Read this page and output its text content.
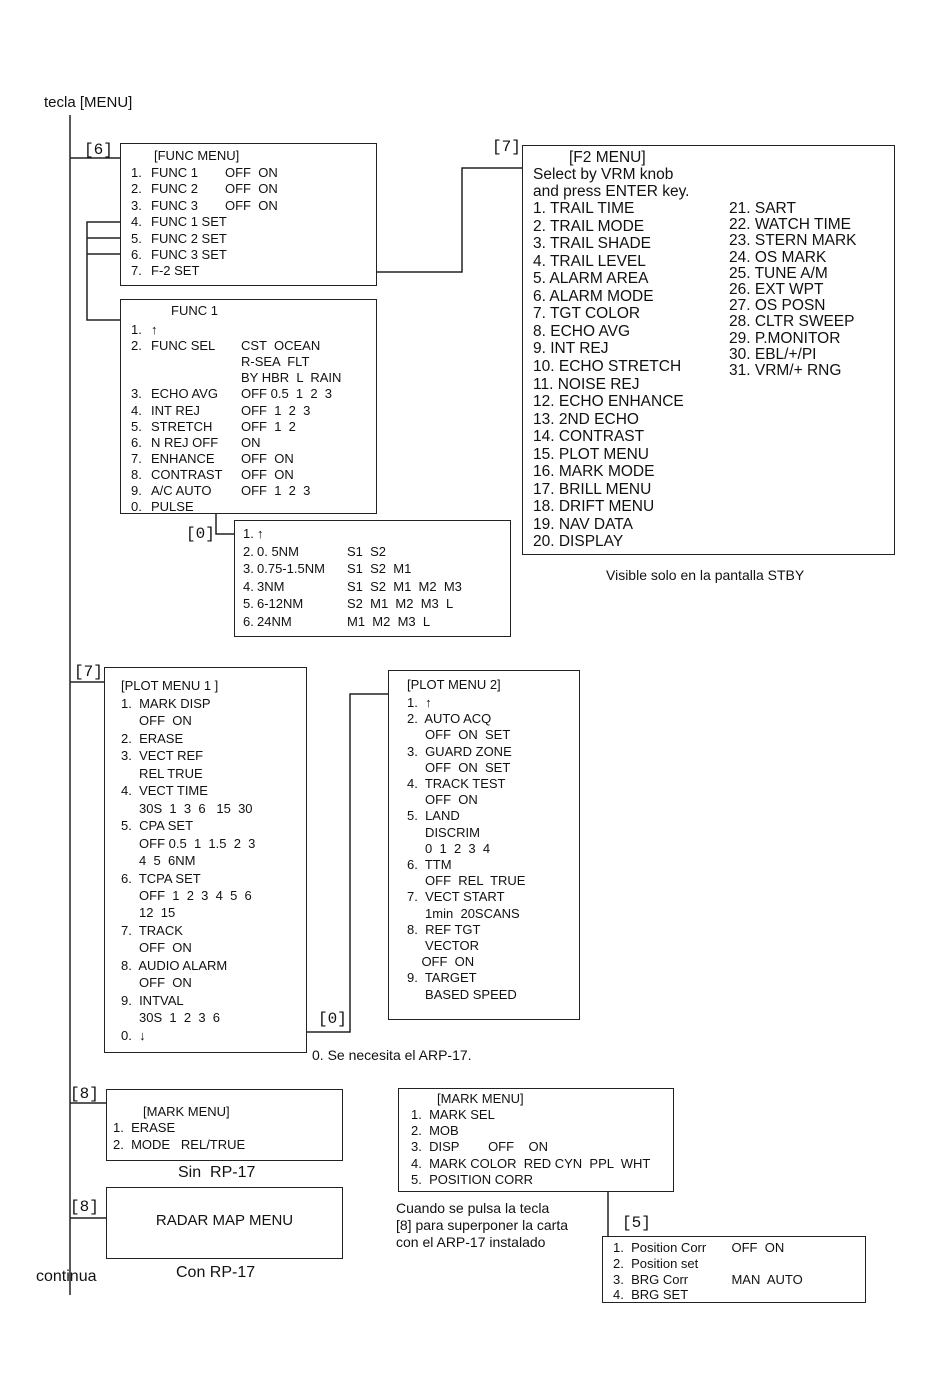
tecla [MENU]
continua
[6]	[7]
[7]
[0]
[0]
[8]
[8]
[5]
[FUNC MENU]
1. FUNC 1 OFF  ON
2. FUNC 2 OFF  ON
3. FUNC 3 OFF  ON
4. FUNC 1 SET
5. FUNC 2 SET
6. FUNC 3 SET
7. F-2 SET
FUNC 1
1. ↑
2. FUNC SEL CST  OCEAN
R-SEA  FLT
BY HBR  L  RAIN
3. ECHO AVG OFF 0.5  1  2  3
4. INT REJ	OFF  1  2  3
5. STRETCH OFF  1  2
6. N REJ OFF ON
7. ENHANCE OFF  ON
8. CONTRAST OFF  ON
9. A/C AUTO OFF  1  2  3
0. PULSE
1. ↑
2. 0. 5NM	S1  S2
3. 0.75-1.5NM S1  S2  M1
4. 3NM	S1  S2  M1  M2  M3
5. 6-12NM	S2  M1  M2  M3  L
6. 24NM	M1  M2  M3  L
[F2 MENU]
Select by VRM knob
and press ENTER key.
1. TRAIL TIME
2. TRAIL MODE
3. TRAIL SHADE
4. TRAIL LEVEL
5. ALARM AREA
6. ALARM MODE
7. TGT COLOR
8. ECHO AVG
9. INT REJ
10. ECHO STRETCH
11. NOISE REJ
12. ECHO ENHANCE
13. 2ND ECHO
14. CONTRAST
15. PLOT MENU
16. MARK MODE
17. BRILL MENU
18. DRIFT MENU
19. NAV DATA
20. DISPLAY
21. SART
22. WATCH TIME
23. STERN MARK
24. OS MARK
25. TUNE A/M
26. EXT WPT
27. OS POSN
28. CLTR SWEEP
29. P.MONITOR
30. EBL/+/PI
31. VRM/+ RNG
Visible solo en la pantalla STBY
[PLOT MENU 1 ]
1.  MARK DISP
OFF  ON
2.  ERASE
3.  VECT REF
REL TRUE
4.  VECT TIME
30S  1  3  6   15  30
5.  CPA SET
OFF 0.5  1  1.5  2  3
4  5  6NM
6.  TCPA SET
OFF  1  2  3  4  5  6
12  15
7.  TRACK
OFF  ON
8.  AUDIO ALARM
OFF  ON
9.  INTVAL
30S  1  2  3  6
0.  ↓
[PLOT MENU 2]
1.  ↑
2.  AUTO ACQ
OFF  ON  SET
3.  GUARD ZONE
OFF  ON  SET
4.  TRACK TEST
OFF  ON
5.  LAND
DISCRIM
0  1  2  3  4
6.  TTM
OFF  REL  TRUE
7.  VECT START
1min  20SCANS
8.  REF TGT
VECTOR
OFF  ON
9.  TARGET
BASED SPEED
0. Se necesita el ARP-17.
[MARK MENU]
1.  ERASE
2.  MODE   REL/TRUE
Sin  RP-17
RADAR MAP MENU
Con RP-17
[MARK MENU]
1.  MARK SEL
2.  MOB
3.  DISP        OFF    ON
4.  MARK COLOR  RED CYN  PPL  WHT
5.  POSITION CORR
Cuando se pulsa la tecla
[8] para superponer la carta
con el ARP-17 instalado	1.  Position Corr       OFF  ON
2.  Position set
3.  BRG Corr            MAN  AUTO
4.  BRG SET
